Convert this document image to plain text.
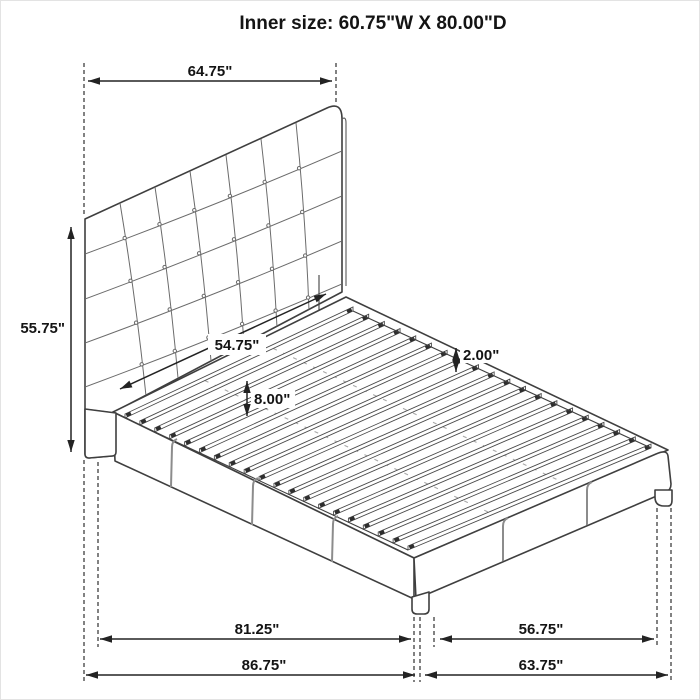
Inner size: 60.75"W X 80.00"D
64.75"
55.75"
54.75"
8.00"
2.00"
81.25"
86.75"
56.75"
63.75"
